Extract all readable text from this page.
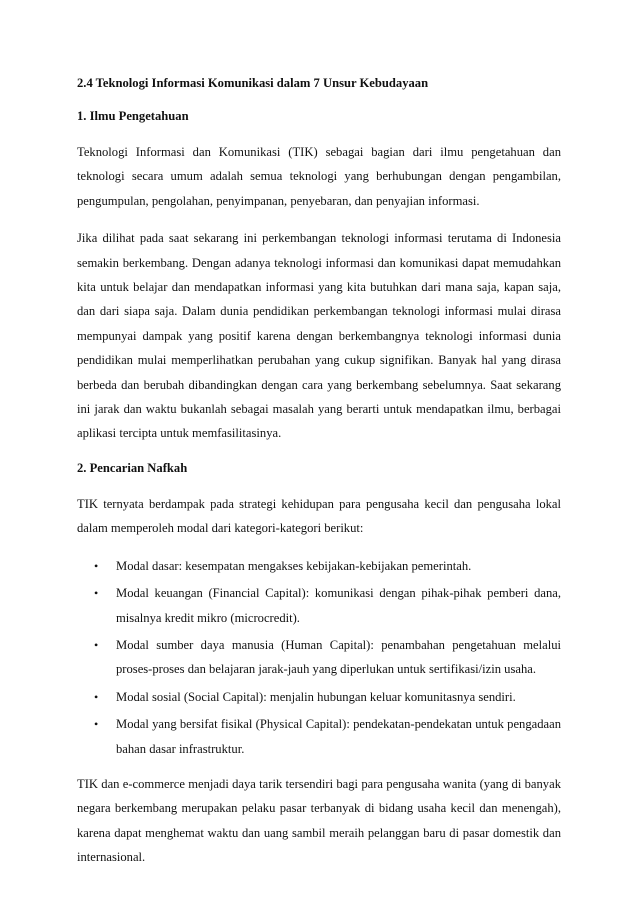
2.4 Teknologi Informasi Komunikasi dalam 7 Unsur Kebudayaan
1. Ilmu Pengetahuan

Teknologi Informasi dan Komunikasi (TIK) sebagai bagian dari ilmu pengetahuan dan teknologi secara umum adalah semua teknologi yang berhubungan dengan pengambilan, pengumpulan, pengolahan, penyimpanan, penyebaran, dan penyajian informasi.

Jika dilihat pada saat sekarang ini perkembangan teknologi informasi terutama di Indonesia semakin berkembang. Dengan adanya teknologi informasi dan komunikasi dapat memudahkan kita untuk belajar dan mendapatkan informasi yang kita butuhkan dari mana saja, kapan saja, dan dari siapa saja. Dalam dunia pendidikan perkembangan teknologi informasi mulai dirasa mempunyai dampak yang positif karena dengan berkembangnya teknologi informasi dunia pendidikan mulai memperlihatkan perubahan yang cukup signifikan. Banyak hal yang dirasa berbeda dan berubah dibandingkan dengan cara yang berkembang sebelumnya. Saat sekarang ini jarak dan waktu bukanlah sebagai masalah yang berarti untuk mendapatkan ilmu, berbagai aplikasi tercipta untuk memfasilitasinya.

2. Pencarian Nafkah

TIK ternyata berdampak pada strategi kehidupan para pengusaha kecil dan pengusaha lokal dalam memperoleh modal dari kategori-kategori berikut:

• Modal dasar: kesempatan mengakses kebijakan-kebijakan pemerintah.
• Modal keuangan (Financial Capital): komunikasi dengan pihak-pihak pemberi dana, misalnya kredit mikro (microcredit).
• Modal sumber daya manusia (Human Capital): penambahan pengetahuan melalui proses-proses dan belajaran jarak-jauh yang diperlukan untuk sertifikasi/izin usaha.
• Modal sosial (Social Capital): menjalin hubungan keluar komunitasnya sendiri.
• Modal yang bersifat fisikal (Physical Capital): pendekatan-pendekatan untuk pengadaan bahan dasar infrastruktur.

TIK dan e-commerce menjadi daya tarik tersendiri bagi para pengusaha wanita (yang di banyak negara berkembang merupakan pelaku pasar terbanyak di bidang usaha kecil dan menengah), karena dapat menghemat waktu dan uang sambil meraih pelanggan baru di pasar domestik dan internasional.
